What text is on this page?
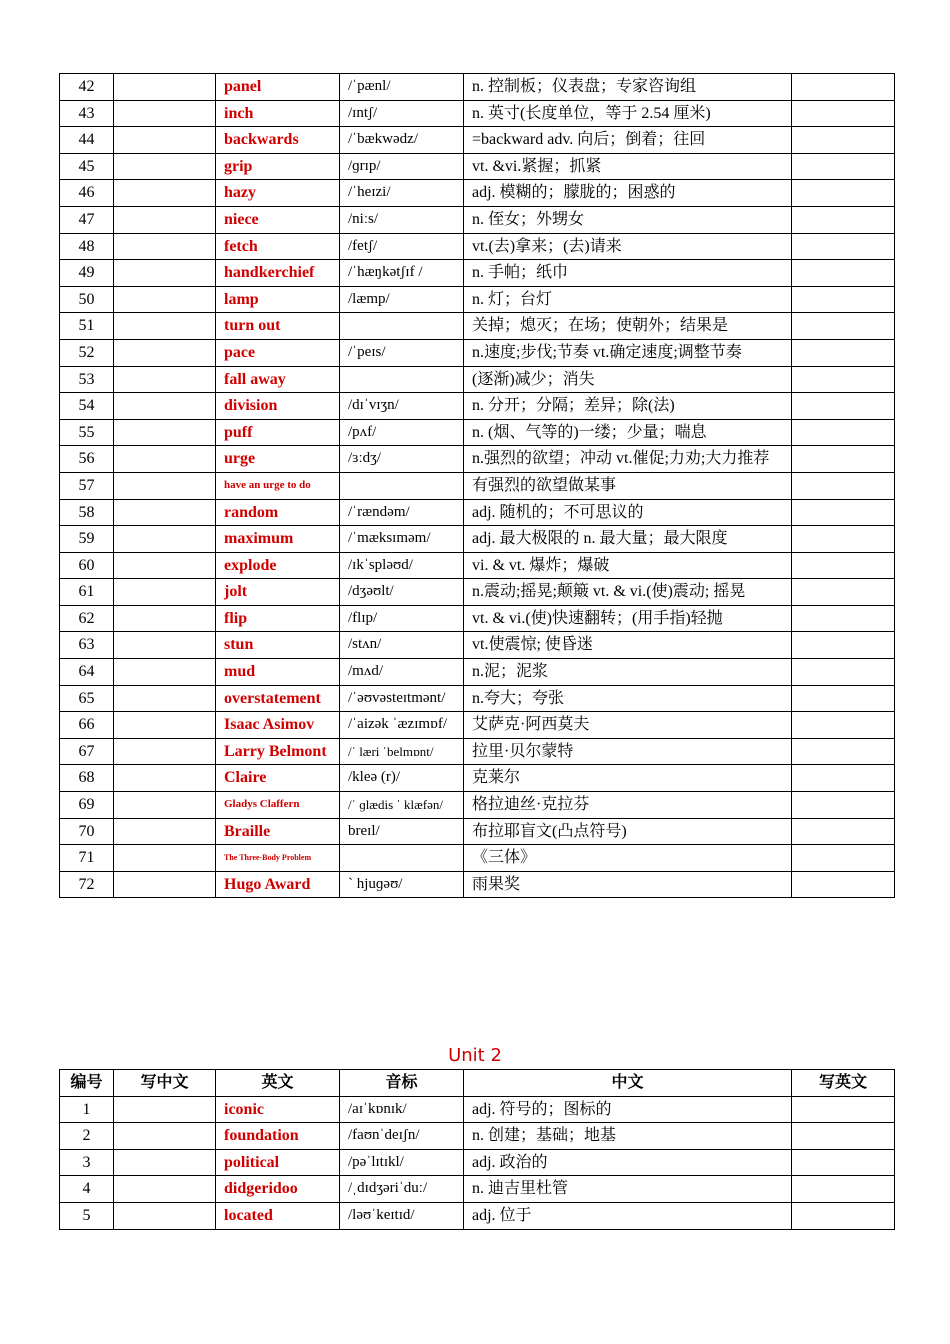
42		panel	/ˈpænl/	n. 控制板；仪表盘；专家咨询组	
43		inch	/ɪntʃ/	n. 英寸(长度单位，等于 2.54 厘米)	
44		backwards	/ˈbækwədz/	=backward adv. 向后；倒着；往回	
45		grip	/ɡrɪp/	vt. &vi.紧握；抓紧	
46		hazy	/ˈheɪzi/	adj. 模糊的；朦胧的；困惑的	
47		niece	/niːs/	n. 侄女；外甥女	
48		fetch	/fetʃ/	vt.(去)拿来；(去)请来	
49		handkerchief	/ˈhæŋkətʃɪf /	n. 手帕；纸巾	
50		lamp	/læmp/	n. 灯；台灯	
51		turn out		关掉；熄灭；在场；使朝外；结果是	
52		pace	/ˈpeɪs/	n.速度;步伐;节奏 vt.确定速度;调整节奏	
53		fall away		(逐渐)减少；消失	
54		division	/dɪˈvɪʒn/	n. 分开；分隔；差异；除(法)	
55		puff	/pʌf/	n. (烟、气等的)一缕；少量；喘息	
56		urge	/ɜːdʒ/	n.强烈的欲望；冲动 vt.催促;力劝;大力推荐	
57		have an urge to do		有强烈的欲望做某事	
58		random	/ˈrændəm/	adj. 随机的；不可思议的	
59		maximum	/ˈmæksɪməm/	adj. 最大极限的 n. 最大量；最大限度	
60		explode	/ɪkˈspləʊd/	vi. & vt. 爆炸；爆破	
61		jolt	/dʒəʊlt/	n.震动;摇晃;颠簸 vt. & vi.(使)震动; 摇晃	
62		flip	/flɪp/	vt. & vi.(使)快速翻转；(用手指)轻抛	
63		stun	/stʌn/	vt.使震惊; 使昏迷	
64		mud	/mʌd/	n.泥；泥浆	
65		overstatement	/ˈəʊvəsteɪtmənt/	n.夸大；夸张	
66		Isaac Asimov	/ˈaizək ˈæzɪmɒf/	艾萨克·阿西莫夫	
67		Larry Belmont	/ˈ læri ˈbelmɒnt/	拉里·贝尔蒙特	
68		Claire	/kleə (r)/	克莱尔	
69		Gladys Claffern	/ˈ ɡlædis ˈ klæfən/	格拉迪丝·克拉芬	
70		Braille	breɪl/	布拉耶盲文(凸点符号)	
71		The Three-Body Problem		《三体》	
72		Hugo Award	ˋ hjuɡəʊ/	雨果奖	
Unit 2
编号	写中文	英文	音标	中文	写英文
1		iconic	/aɪˈkɒnɪk/	adj. 符号的；图标的	
2		foundation	/faʊnˈdeɪʃn/	n. 创建；基础；地基	
3		political	/pəˈlɪtɪkl/	adj. 政治的	
4		didgeridoo	/ˌdɪdʒəriˈduː/	n. 迪吉里杜管	
5		located	/ləʊˈkeɪtɪd/	adj. 位于	
